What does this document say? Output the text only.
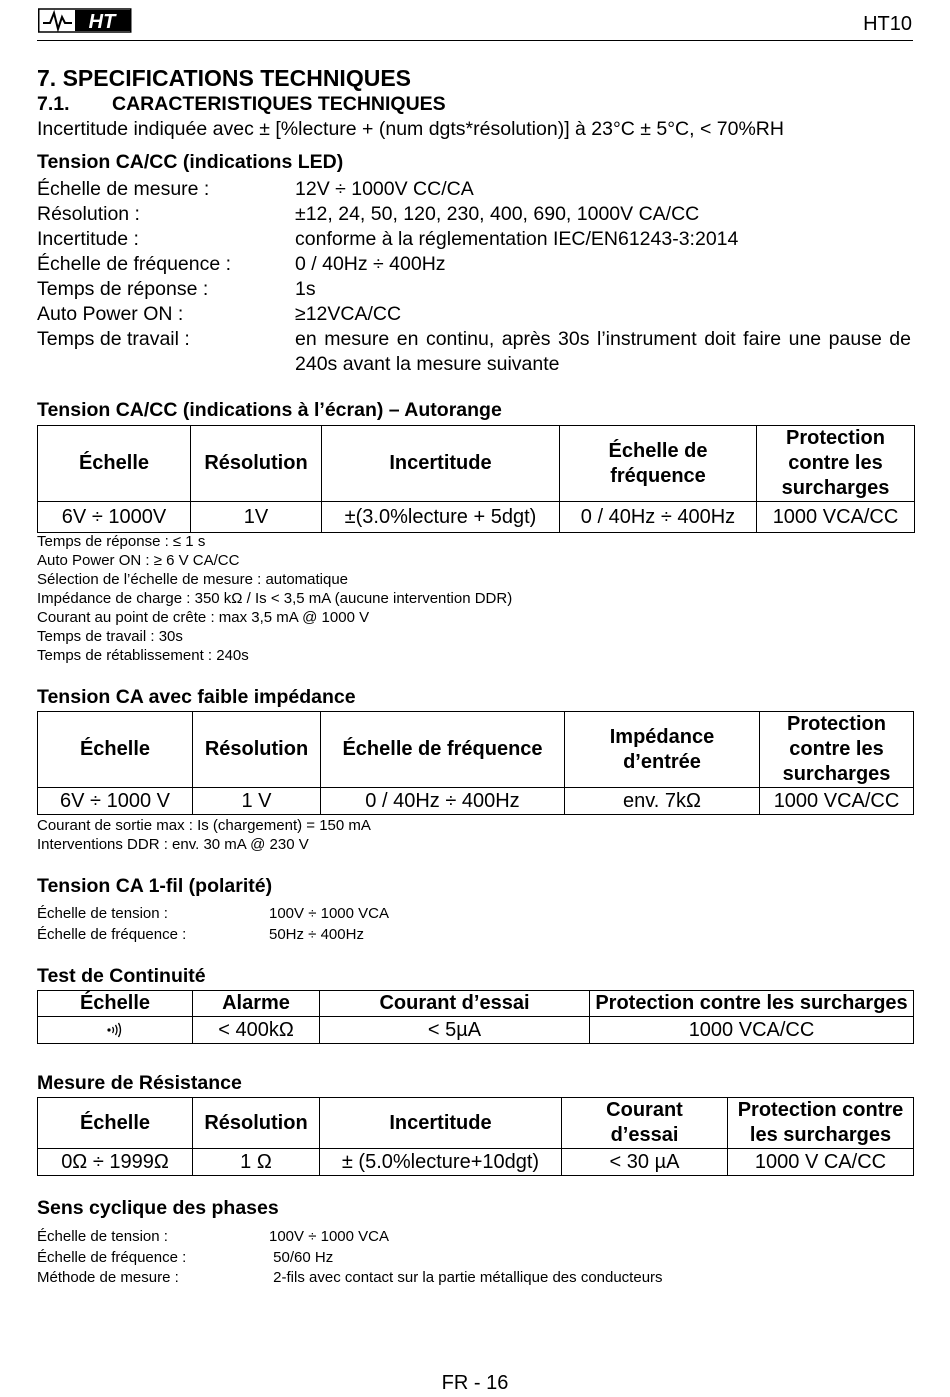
HT	HT10
7. SPECIFICATIONS TECHNIQUES
7.1. CARACTERISTIQUES TECHNIQUES
Incertitude indiquée avec ± [%lecture + (num dgts*résolution)] à 23°C ± 5°C, < 70%RH
Tension CA/CC (indications LED)
Échelle de mesure :	12V ÷ 1000V CC/CA
Résolution :	±12, 24, 50, 120, 230, 400, 690, 1000V CA/CC
Incertitude :	conforme à la réglementation IEC/EN61243-3:2014
Échelle de fréquence :	0 / 40Hz ÷ 400Hz
Temps de réponse :	1s
Auto Power ON :	≥12VCA/CC
Temps de travail :	en mesure en continu, après 30s l’instrument doit faire une pause de 240s avant la mesure suivante
Tension CA/CC (indications à l’écran) – Autorange
Échelle	Résolution	Incertitude	Échelle de fréquence	Protection contre les surcharges

6V ÷ 1000V	1V	±(3.0%lecture + 5dgt)	0 / 40Hz ÷ 400Hz	1000 VCA/CC
Temps de réponse : ≤ 1 s
Auto Power ON : ≥ 6 V CA/CC
Sélection de l’échelle de mesure : automatique
Impédance de charge : 350 kΩ / Is < 3,5 mA (aucune intervention DDR)
Courant au point de crête : max 3,5 mA @ 1000 V
Temps de travail : 30s
Temps de rétablissement : 240s
Tension CA avec faible impédance
Échelle	Résolution	Échelle de fréquence	Impédance d’entrée	Protection contre les surcharges

6V ÷ 1000 V	1 V	0 / 40Hz ÷ 400Hz	env. 7kΩ	1000 VCA/CC
Courant de sortie max : Is (chargement) = 150 mA
Interventions DDR : env. 30 mA @ 230 V
Tension CA 1-fil (polarité)
Échelle de tension :	100V ÷ 1000 VCA
Échelle de fréquence :	50Hz ÷ 400Hz
Test de Continuité
Échelle	Alarme	Courant d’essai	Protection contre les surcharges
	< 400kΩ	< 5µA	1000 VCA/CC
Mesure de Résistance
Échelle	Résolution	Incertitude	Courant d’essai	Protection contre les surcharges

0Ω ÷ 1999Ω	1 Ω	± (5.0%lecture+10dgt)	< 30 µA	1000 V CA/CC
Sens cyclique des phases
Échelle de tension :	100V ÷ 1000 VCA
Échelle de fréquence :	50/60 Hz
Méthode de mesure :	2-fils avec contact sur la partie métallique des conducteurs
FR - 16
